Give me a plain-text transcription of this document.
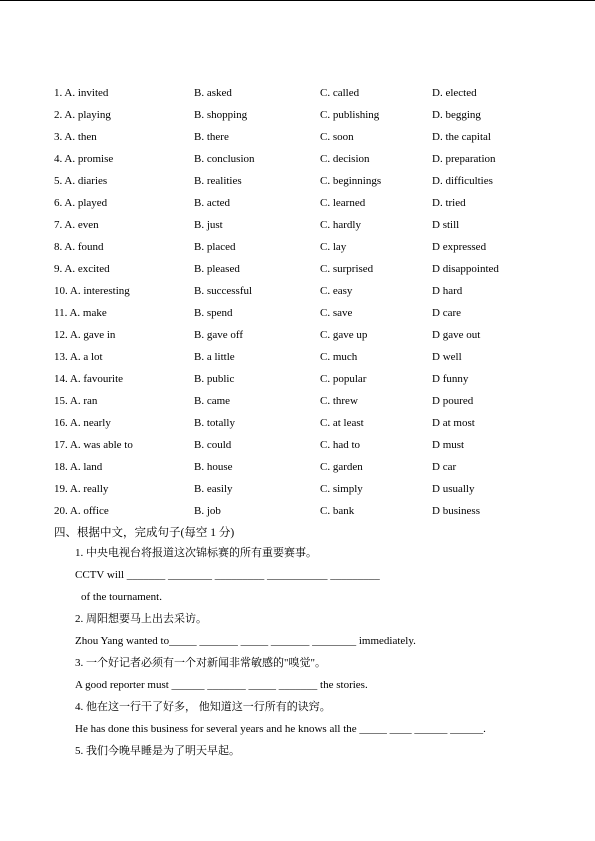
1. A. invited	B. asked	C. called	D. elected
2. A. playing	B. shopping	C. publishing	D. begging
3. A. then	B. there	C. soon	D. the capital
4. A. promise	B. conclusion	C. decision	D. preparation
5. A. diaries	B. realities	C. beginnings	D. difficulties
6. A. played	B. acted	C. learned	D. tried
7. A. even	B. just	C. hardly	D still
8. A. found	B. placed	C. lay	D expressed
9. A. excited	B. pleased	C. surprised	D disappointed
10. A. interesting	B. successful	C. easy	D hard
11. A. make	B. spend	C. save	D care
12. A. gave in	B. gave off	C. gave up	D gave out
13. A. a lot	B. a little	C. much	D well
14. A. favourite	B. public	C. popular	D funny
15. A. ran	B. came	C. threw	D poured
16. A. nearly	B. totally	C. at least	D at most
17. A. was able to	B. could	C. had to	D must
18. A. land	B. house	C. garden	D car
19. A. really	B. easily	C. simply	D usually
20. A. office	B. job	C. bank	D business
四、根据中文，完成句子(每空 1 分)
1. 中央电视台将报道这次锦标赛的所有重要赛事。
CCTV will _______ ________ _________ ___________ _________
of the tournament.
2. 周阳想要马上出去采访。
Zhou Yang wanted to_____ _______ _____ _______ ________ immediately.
3. 一个好记者必须有一个对新闻非常敏感的"嗅觉"。
A good reporter must ______ _______ _____ _______ the stories.
4. 他在这一行干了好多， 他知道这一行所有的诀窍。
He has done this business for several years and he knows all the _____ ____ ______ ______.
5. 我们今晚早睡是为了明天早起。
